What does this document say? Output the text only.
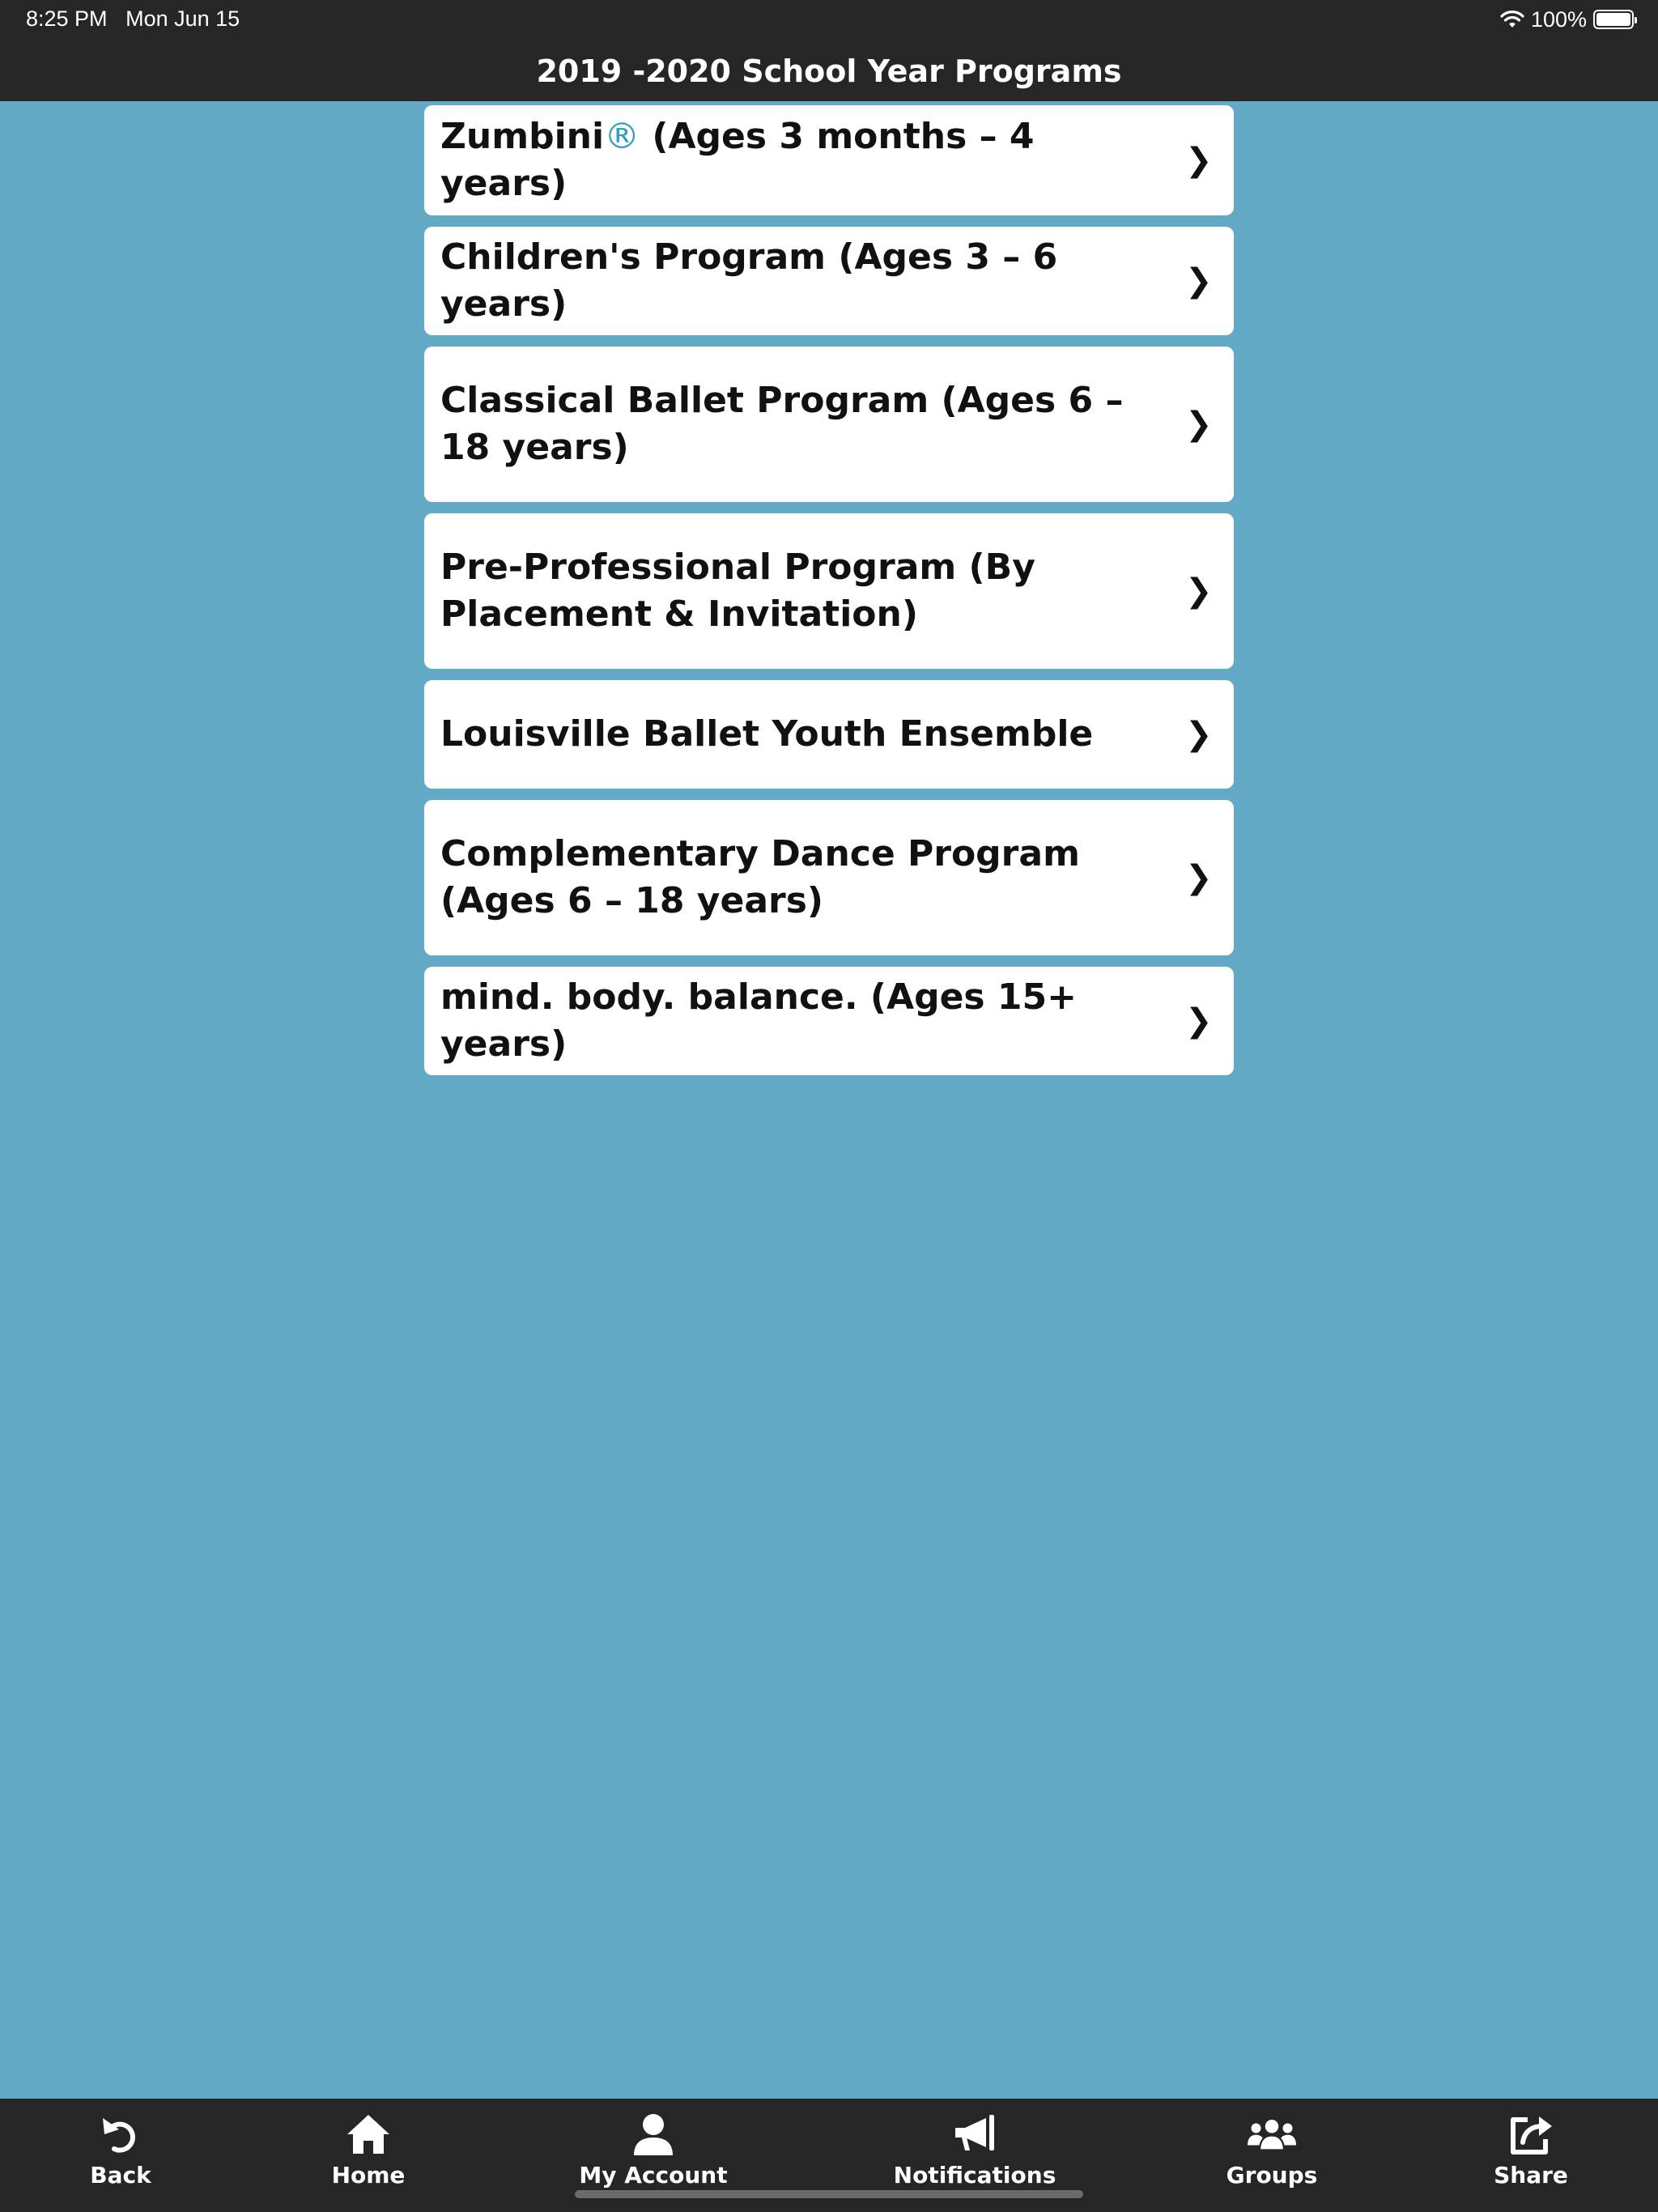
8:25 PM Mon Jun 15	100%
2019 -2020 School Year Programs
Zumbini® (Ages 3 months – 4 years)
❯
Children's Program (Ages 3 – 6 years)
❯
Classical Ballet Program (Ages 6 – 18 years)
❯
Pre-Professional Program (By Placement & Invitation)
❯
Louisville Ballet Youth Ensemble	❯
Complementary Dance Program (Ages 6 – 18 years)
❯
mind. body. balance. (Ages 15+ years)
❯
Back	Home	My Account	Notifications	Groups	Share
